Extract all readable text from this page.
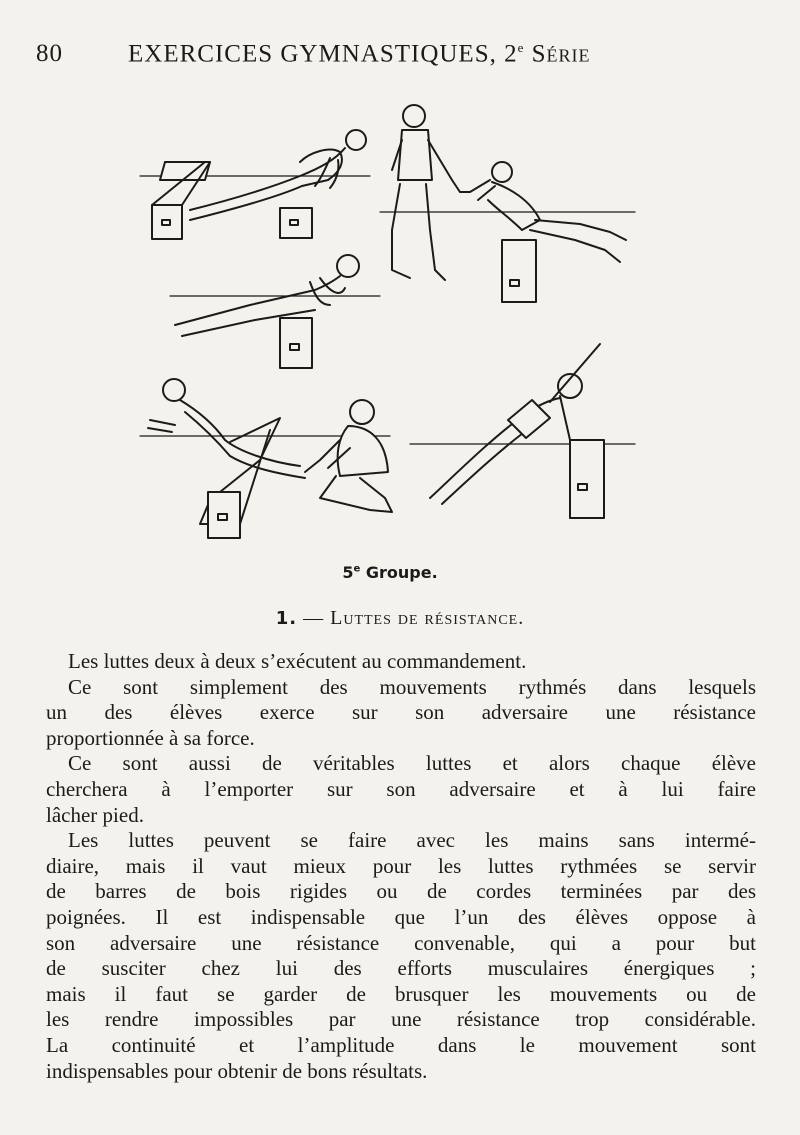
80	EXERCICES GYMNASTIQUES, 2e Série
5e Groupe.
1. — Luttes de résistance.

Les luttes deux à deux s’exécutent au commandement.

Ce sont simplement des mouvements rythmés dans lesquels
un des élèves exerce sur son adversaire une résistance
proportionnée à sa force.

Ce sont aussi de véritables luttes et alors chaque élève
cherchera à l’emporter sur son adversaire et à lui faire
lâcher pied.

Les luttes peuvent se faire avec les mains sans intermé-
diaire, mais il vaut mieux pour les luttes rythmées se servir
de barres de bois rigides ou de cordes terminées par des
poignées. Il est indispensable que l’un des élèves oppose à
son adversaire une résistance convenable, qui a pour but
de susciter chez lui des efforts musculaires énergiques ;
mais il faut se garder de brusquer les mouvements ou de
les rendre impossibles par une résistance trop considérable.
La continuité et l’amplitude dans le mouvement sont
indispensables pour obtenir de bons résultats.
